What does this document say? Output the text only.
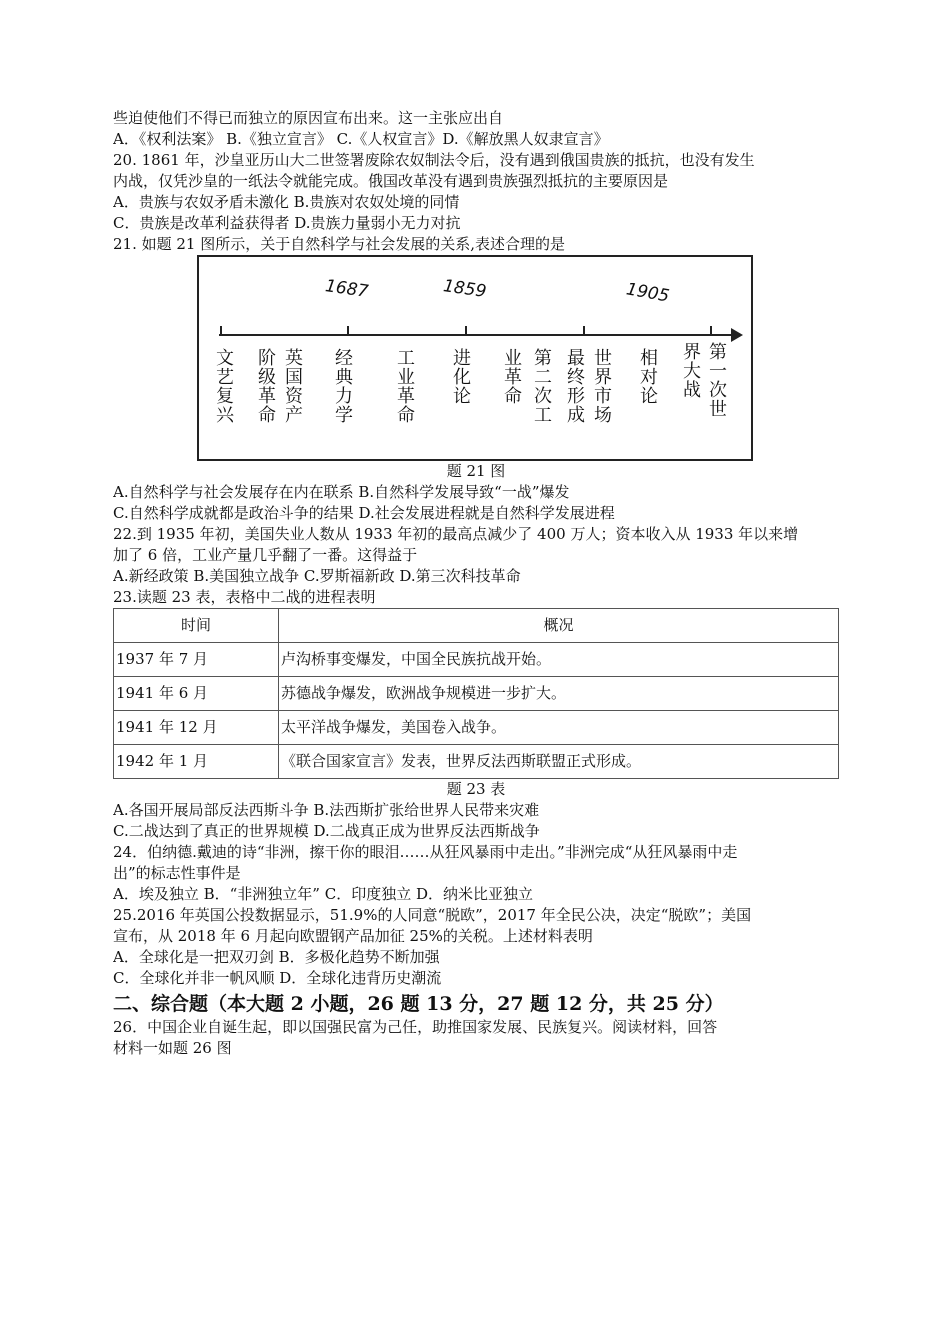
些迫使他们不得已而独立的原因宣布出来。这一主张应出自
A．《权利法案》 B.《独立宣言》 C.《人权宣言》D.《解放黑人奴隶宣言》
20. 1861 年，沙皇亚历山大二世签署废除农奴制法令后，没有遇到俄国贵族的抵抗，也没有发生
内战，仅凭沙皇的一纸法令就能完成。俄国改革没有遇到贵族强烈抵抗的主要原因是
A．贵族与农奴矛盾未激化 B.贵族对农奴处境的同情
C．贵族是改革利益获得者 D.贵族力量弱小无力对抗
21. 如题 21 图所示，关于自然科学与社会发展的关系,表述合理的是
1687	1859	1905
文艺复兴
阶级革命
英国资产
经典力学
工业革命
进化论
业革命
第二次工
最终形成
世界市场
相对论
界大战
第一次世
题 21 图
A.自然科学与社会发展存在内在联系 B.自然科学发展导致“一战”爆发
C.自然科学成就都是政治斗争的结果 D.社会发展进程就是自然科学发展进程
22.到 1935 年初，美国失业人数从 1933 年初的最高点减少了 400 万人；资本收入从 1933 年以来增
加了 6 倍，工业产量几乎翻了一番。这得益于
A.新经政策 B.美国独立战争 C.罗斯福新政 D.第三次科技革命
23.读题 23 表，表格中二战的进程表明
时间	概况
1937 年 7 月	卢沟桥事变爆发，中国全民族抗战开始。
1941 年 6 月	苏德战争爆发，欧洲战争规模进一步扩大。
1941 年 12 月	太平洋战争爆发，美国卷入战争。
1942 年 1 月	《联合国家宣言》发表，世界反法西斯联盟正式形成。
题 23 表
A.各国开展局部反法西斯斗争 B.法西斯扩张给世界人民带来灾难
C.二战达到了真正的世界规模 D.二战真正成为世界反法西斯战争
24．伯纳德.戴迪的诗“非洲，擦干你的眼泪……从狂风暴雨中走出。”非洲完成“从狂风暴雨中走
出”的标志性事件是
A．埃及独立 B．“非洲独立年” C．印度独立 D．纳米比亚独立
25.2016 年英国公投数据显示，51.9%的人同意“脱欧”，2017 年全民公决，决定“脱欧”；美国
宣布，从 2018 年 6 月起向欧盟钢产品加征 25%的关税。上述材料表明
A．全球化是一把双刃剑 B．多极化趋势不断加强
C．全球化并非一帆风顺 D．全球化违背历史潮流
二、综合题（本大题 2 小题，26 题 13 分，27 题 12 分，共 25 分）
26．中国企业自诞生起，即以国强民富为己任，助推国家发展、民族复兴。阅读材料，回答
材料一如题 26 图
